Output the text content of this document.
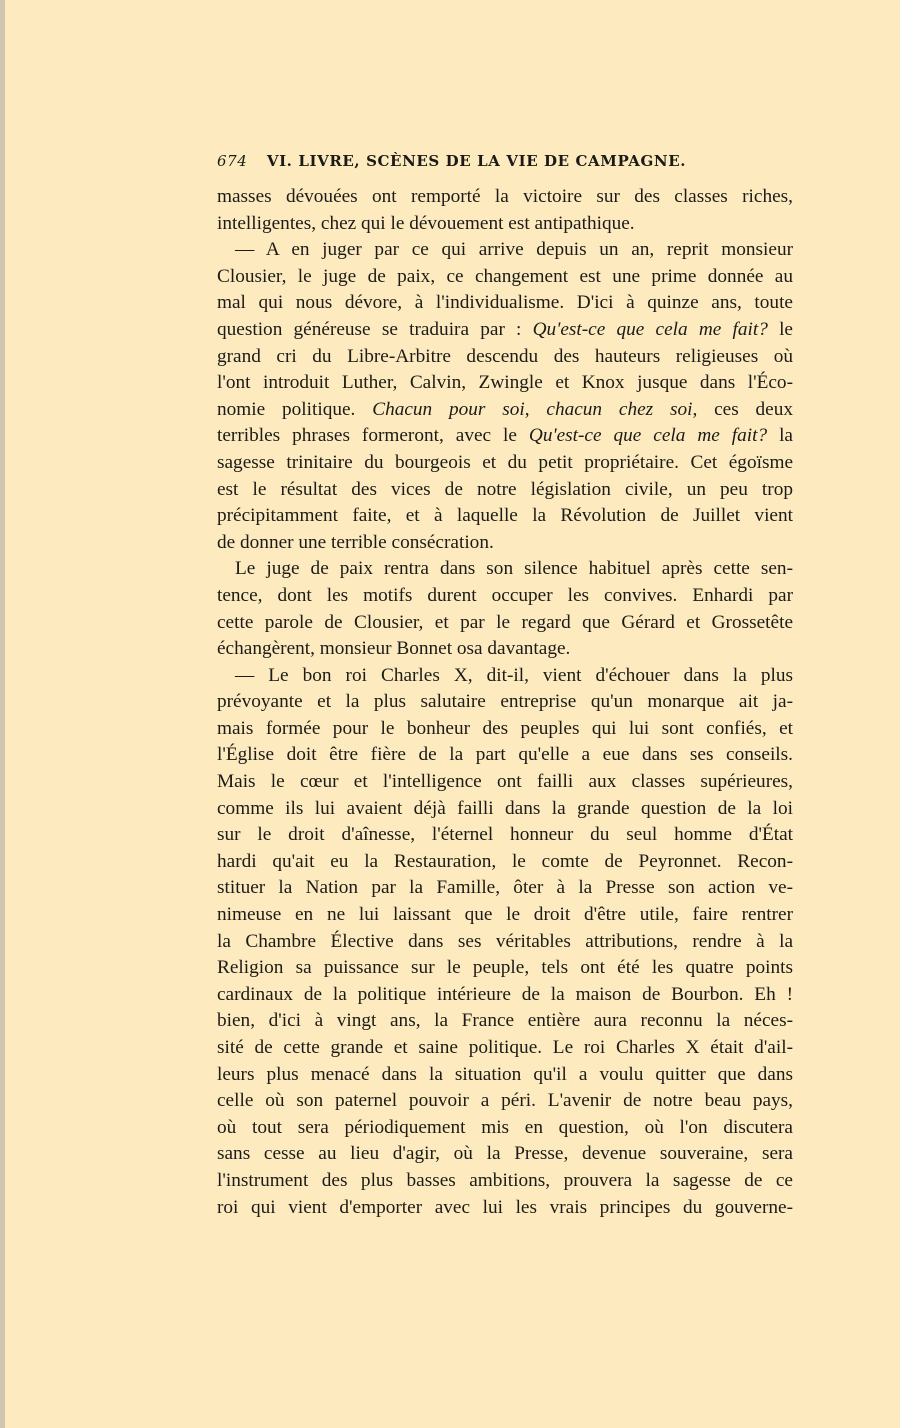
674 VI. LIVRE, SCÈNES DE LA VIE DE CAMPAGNE.
masses dévouées ont remporté la victoire sur des classes riches,
intelligentes, chez qui le dévouement est antipathique.
— A en juger par ce qui arrive depuis un an, reprit monsieur
Clousier, le juge de paix, ce changement est une prime donnée au
mal qui nous dévore, à l'individualisme. D'ici à quinze ans, toute
question généreuse se traduira par : Qu'est-ce que cela me fait? le
grand cri du Libre-Arbitre descendu des hauteurs religieuses où
l'ont introduit Luther, Calvin, Zwingle et Knox jusque dans l'Éco-
nomie politique. Chacun pour soi, chacun chez soi, ces deux
terribles phrases formeront, avec le Qu'est-ce que cela me fait? la
sagesse trinitaire du bourgeois et du petit propriétaire. Cet égoïsme
est le résultat des vices de notre législation civile, un peu trop
précipitamment faite, et à laquelle la Révolution de Juillet vient
de donner une terrible consécration.
Le juge de paix rentra dans son silence habituel après cette sen-
tence, dont les motifs durent occuper les convives. Enhardi par
cette parole de Clousier, et par le regard que Gérard et Grossetête
échangèrent, monsieur Bonnet osa davantage.
— Le bon roi Charles X, dit-il, vient d'échouer dans la plus
prévoyante et la plus salutaire entreprise qu'un monarque ait ja-
mais formée pour le bonheur des peuples qui lui sont confiés, et
l'Église doit être fière de la part qu'elle a eue dans ses conseils.
Mais le cœur et l'intelligence ont failli aux classes supérieures,
comme ils lui avaient déjà failli dans la grande question de la loi
sur le droit d'aînesse, l'éternel honneur du seul homme d'État
hardi qu'ait eu la Restauration, le comte de Peyronnet. Recon-
stituer la Nation par la Famille, ôter à la Presse son action ve-
nimeuse en ne lui laissant que le droit d'être utile, faire rentrer
la Chambre Élective dans ses véritables attributions, rendre à la
Religion sa puissance sur le peuple, tels ont été les quatre points
cardinaux de la politique intérieure de la maison de Bourbon. Eh !
bien, d'ici à vingt ans, la France entière aura reconnu la néces-
sité de cette grande et saine politique. Le roi Charles X était d'ail-
leurs plus menacé dans la situation qu'il a voulu quitter que dans
celle où son paternel pouvoir a péri. L'avenir de notre beau pays,
où tout sera périodiquement mis en question, où l'on discutera
sans cesse au lieu d'agir, où la Presse, devenue souveraine, sera
l'instrument des plus basses ambitions, prouvera la sagesse de ce
roi qui vient d'emporter avec lui les vrais principes du gouverne-
